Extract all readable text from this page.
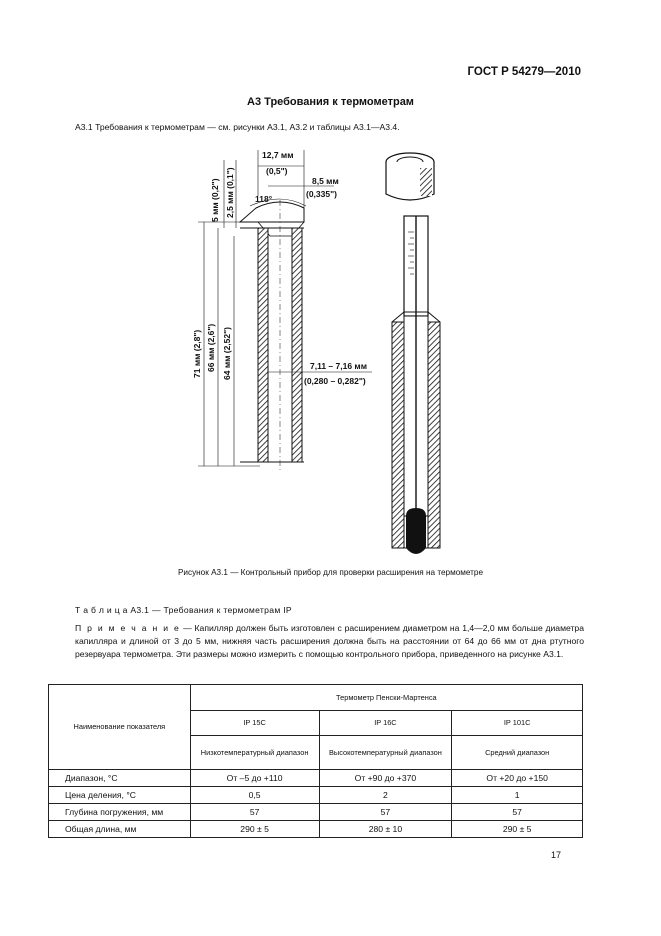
ГОСТ Р 54279—2010
А3 Требования к термометрам
А3.1 Требования к термометрам — см. рисунки А3.1, А3.2 и таблицы А3.1—А3.4.
12,7 мм
(0,5")
8,5 мм
(0,335")
118°
5 мм (0,2") 2,5 мм (0,1")
71 мм (2,8") 66 мм (2,6") 64 мм (2,52")	7,11 – 7,16 мм
(0,280 – 0,282")
Рисунок А3.1 — Контрольный прибор для проверки расширения на термометре
Т а б л и ц а А3.1 — Требования к термометрам IP
П р и м е ч а н и е — Капилляр должен быть изготовлен с расширением диаметром на 1,4—2,0 мм больше диаметра капилляра и длиной от 3 до 5 мм, нижняя часть расширения должна быть на расстоянии от 64 до 66 мм от дна ртутного резервуара термометра. Эти размеры можно измерить с помощью контрольного прибора, приведенного на рисунке А3.1.
Наименование показателя	Термометр Пенски-Мартенса		
	IP 15C	IP 16C	IP 101C
	Низкотемпературный диапазон	Высокотемпературный диапазон	Средний диапазон
Диапазон, °С	От –5 до +110	От +90 до +370	От +20 до +150
Цена деления, °С	0,5	2	1
Глубина погружения, мм	57	57	57
Общая длина, мм	290 ± 5	280 ± 10	290 ± 5
17
